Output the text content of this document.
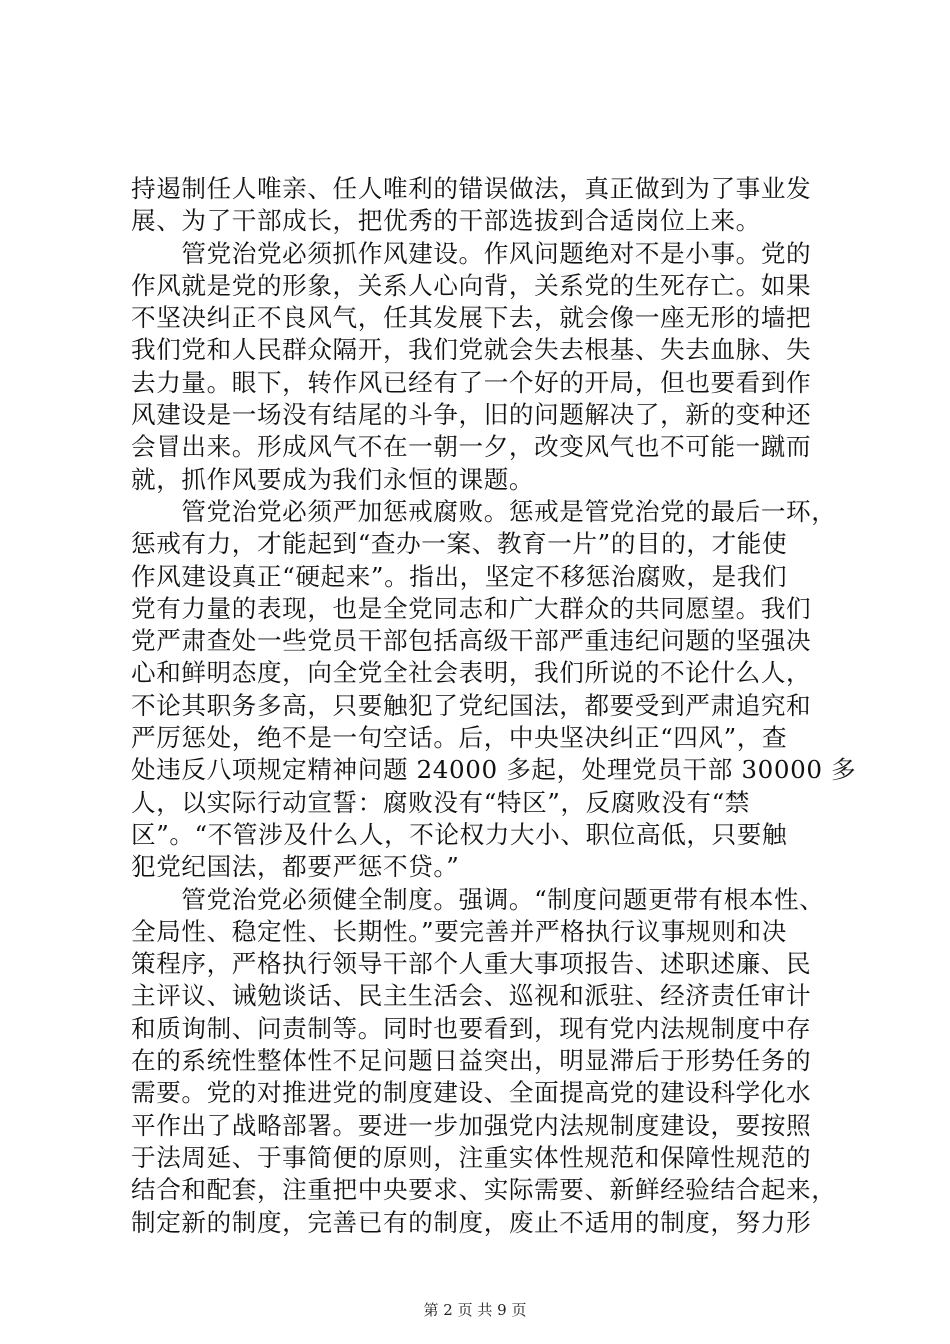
持遏制任人唯亲、任人唯利的错误做法，真正做到为了事业发
展、为了干部成长，把优秀的干部选拔到合适岗位上来。
　　管党治党必须抓作风建设。作风问题绝对不是小事。党的
作风就是党的形象，关系人心向背，关系党的生死存亡。如果
不坚决纠正不良风气，任其发展下去，就会像一座无形的墙把
我们党和人民群众隔开，我们党就会失去根基、失去血脉、失
去力量。眼下，转作风已经有了一个好的开局，但也要看到作
风建设是一场没有结尾的斗争，旧的问题解决了，新的变种还
会冒出来。形成风气不在一朝一夕，改变风气也不可能一蹴而
就，抓作风要成为我们永恒的课题。
　　管党治党必须严加惩戒腐败。惩戒是管党治党的最后一环，
惩戒有力，才能起到“查办一案、教育一片”的目的，才能使
作风建设真正“硬起来”。指出，坚定不移惩治腐败，是我们
党有力量的表现，也是全党同志和广大群众的共同愿望。我们
党严肃查处一些党员干部包括高级干部严重违纪问题的坚强决
心和鲜明态度，向全党全社会表明，我们所说的不论什么人，
不论其职务多高，只要触犯了党纪国法，都要受到严肃追究和
严厉惩处，绝不是一句空话。后，中央坚决纠正“四风”，查
处违反八项规定精神问题 24000 多起，处理党员干部 30000 多
人，以实际行动宣誓：腐败没有“特区”，反腐败没有“禁
区”。“不管涉及什么人，不论权力大小、职位高低，只要触
犯党纪国法，都要严惩不贷。”
　　管党治党必须健全制度。强调。“制度问题更带有根本性、
全局性、稳定性、长期性。”要完善并严格执行议事规则和决
策程序，严格执行领导干部个人重大事项报告、述职述廉、民
主评议、诫勉谈话、民主生活会、巡视和派驻、经济责任审计
和质询制、问责制等。同时也要看到，现有党内法规制度中存
在的系统性整体性不足问题日益突出，明显滞后于形势任务的
需要。党的对推进党的制度建设、全面提高党的建设科学化水
平作出了战略部署。要进一步加强党内法规制度建设，要按照
于法周延、于事简便的原则，注重实体性规范和保障性规范的
结合和配套，注重把中央要求、实际需要、新鲜经验结合起来，
制定新的制度，完善已有的制度，废止不适用的制度，努力形
第 2 页 共 9 页
